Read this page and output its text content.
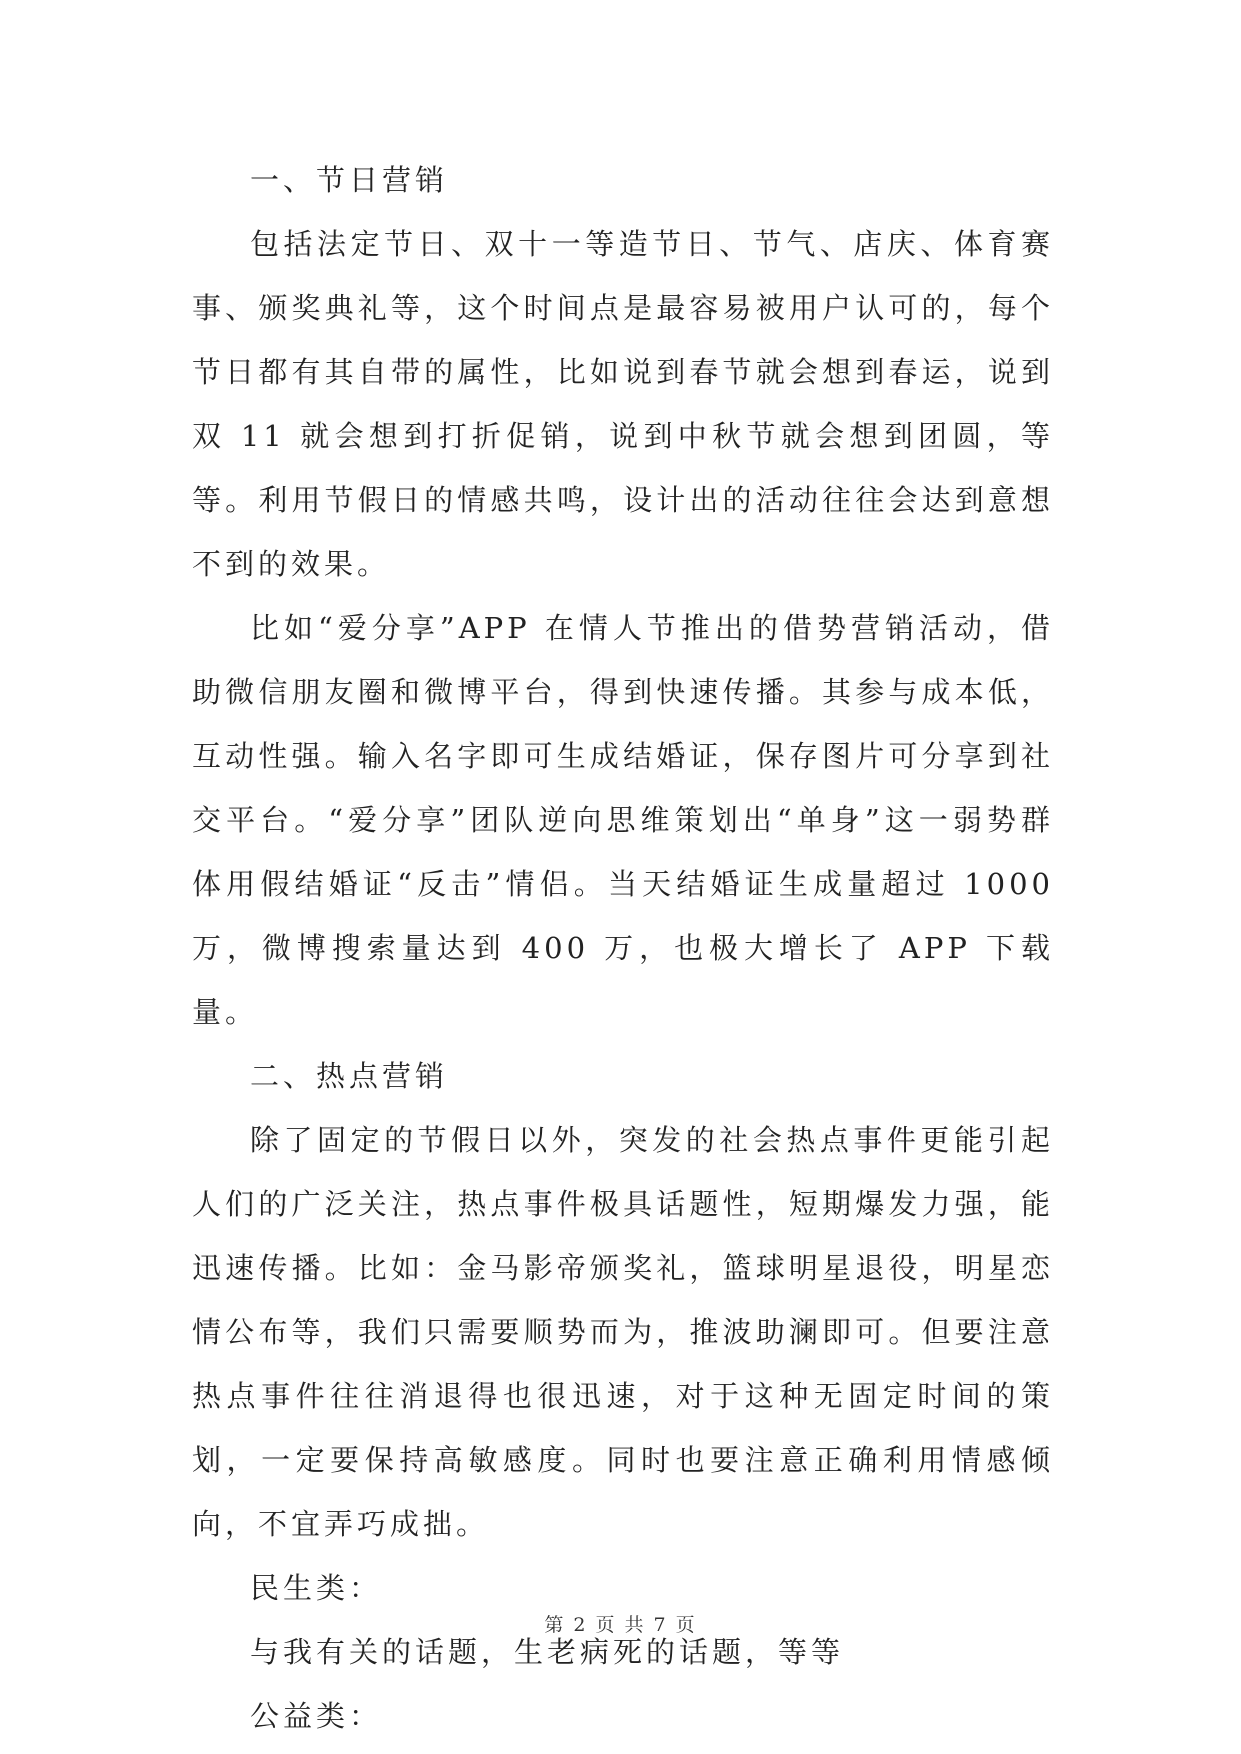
一、节日营销

包括法定节日、双十一等造节日、节气、店庆、体育赛事、颁奖典礼等，这个时间点是最容易被用户认可的，每个节日都有其自带的属性，比如说到春节就会想到春运，说到双 11 就会想到打折促销，说到中秋节就会想到团圆，等等。利用节假日的情感共鸣，设计出的活动往往会达到意想不到的效果。

比如“爱分享”APP 在情人节推出的借势营销活动，借助微信朋友圈和微博平台，得到快速传播。其参与成本低，互动性强。输入名字即可生成结婚证，保存图片可分享到社交平台。“爱分享”团队逆向思维策划出“单身”这一弱势群体用假结婚证“反击”情侣。当天结婚证生成量超过 1000 万，微博搜索量达到 400 万，也极大增长了 APP 下载量。

二、热点营销

除了固定的节假日以外，突发的社会热点事件更能引起人们的广泛关注，热点事件极具话题性，短期爆发力强，能迅速传播。比如：金马影帝颁奖礼，篮球明星退役，明星恋情公布等，我们只需要顺势而为，推波助澜即可。但要注意热点事件往往消退得也很迅速，对于这种无固定时间的策划，一定要保持高敏感度。同时也要注意正确利用情感倾向，不宜弄巧成拙。

民生类：

与我有关的话题，生老病死的话题，等等

公益类：

第 2 页 共 7 页
